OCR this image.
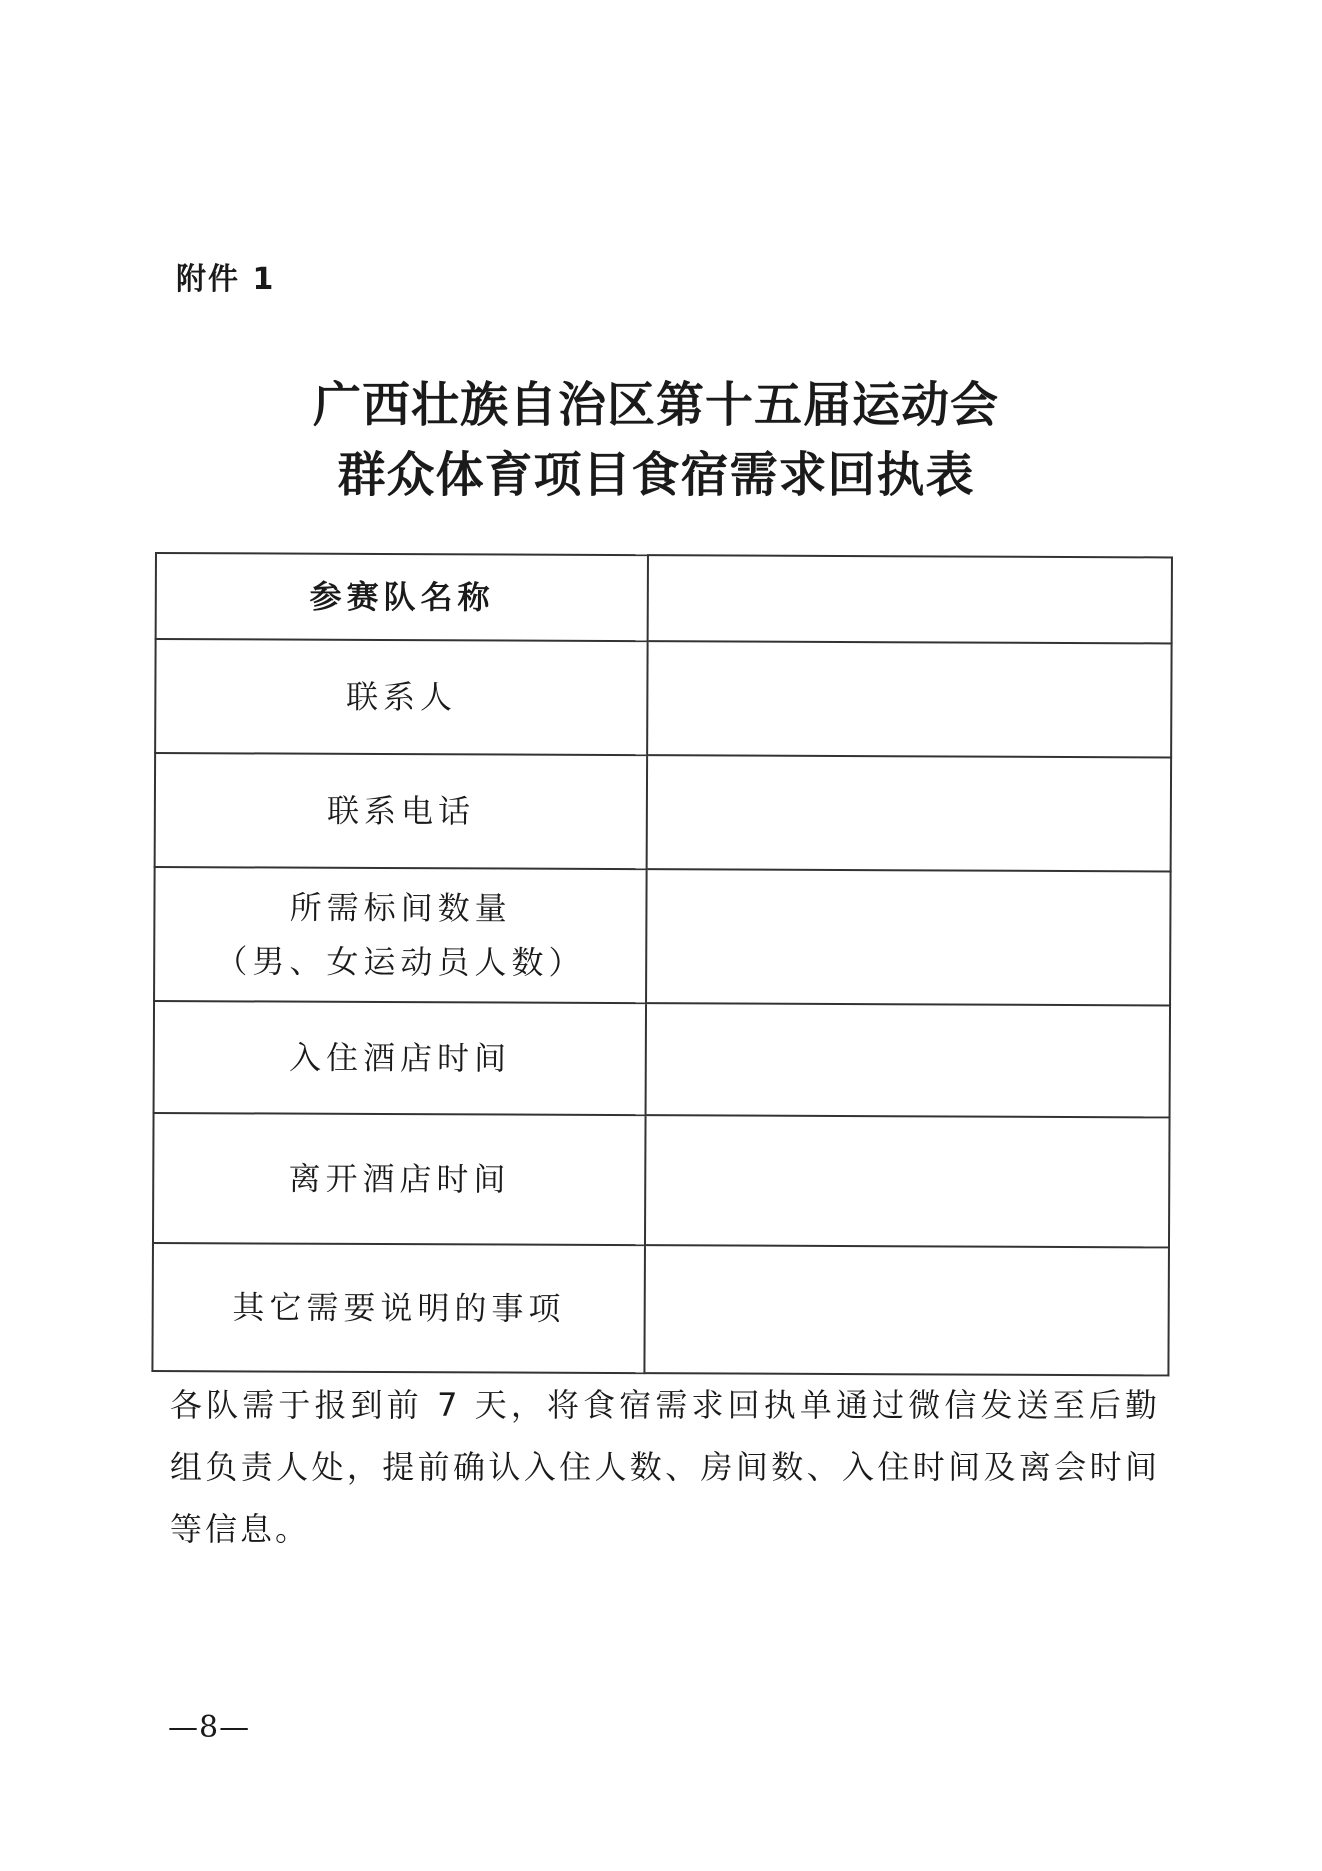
附件 1
广西壮族自治区第十五届运动会
群众体育项目食宿需求回执表
参赛队名称	
联系人	
联系电话	

所需标间数量
（男、女运动员人数）	

入住酒店时间	
离开酒店时间	
其它需要说明的事项	
各队需于报到前 7 天，将食宿需求回执单通过微信发送至后勤组负责人处，提前确认入住人数、房间数、入住时间及离会时间等信息。
—8—
